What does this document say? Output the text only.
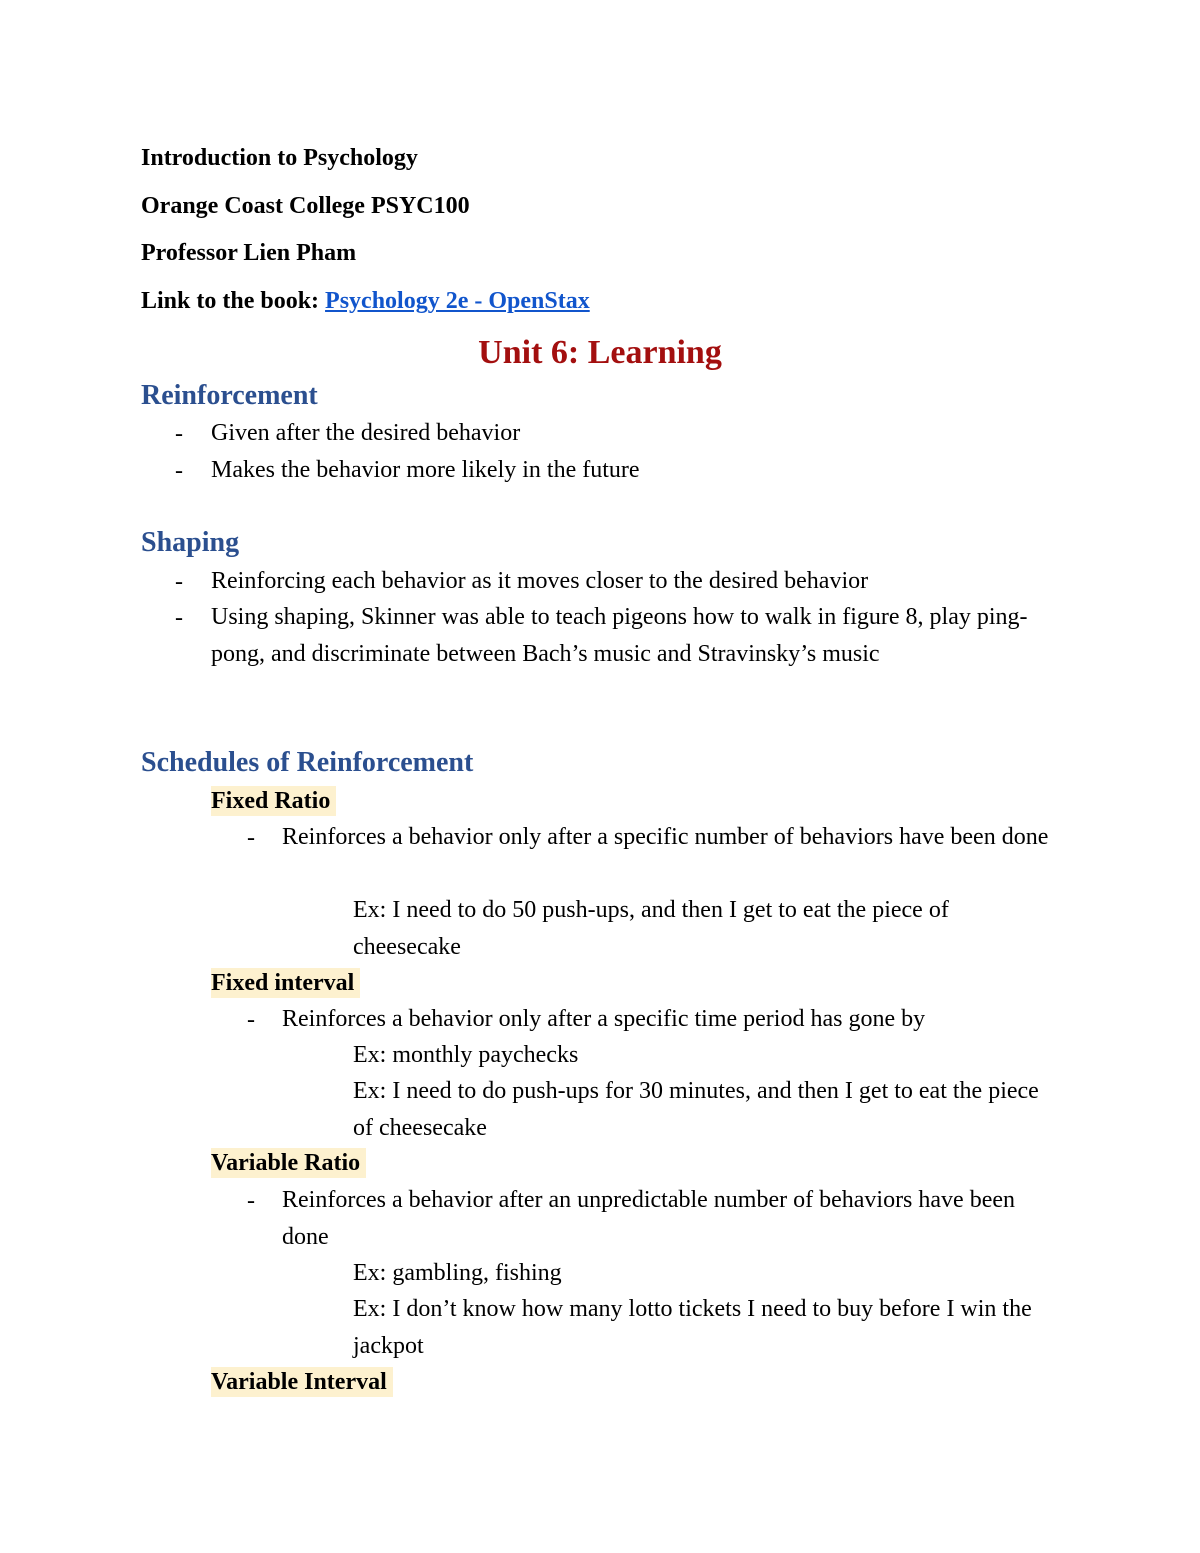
Introduction to Psychology
Orange Coast College PSYC100
Professor Lien Pham
Link to the book: Psychology 2e - OpenStax
Unit 6: Learning
Reinforcement
- Given after the desired behavior
- Makes the behavior more likely in the future
Shaping
- Reinforcing each behavior as it moves closer to the desired behavior
- Using shaping, Skinner was able to teach pigeons how to walk in figure 8, play ping-pong, and discriminate between Bach’s music and Stravinsky’s music
Schedules of Reinforcement
Fixed Ratio
- Reinforces a behavior only after a specific number of behaviors have been done
Ex: I need to do 50 push-ups, and then I get to eat the piece of cheesecake
Fixed interval
- Reinforces a behavior only after a specific time period has gone by
Ex: monthly paychecks
Ex: I need to do push-ups for 30 minutes, and then I get to eat the piece of cheesecake
Variable Ratio
- Reinforces a behavior after an unpredictable number of behaviors have been done
Ex: gambling, fishing
Ex: I don’t know how many lotto tickets I need to buy before I win the jackpot
Variable Interval
